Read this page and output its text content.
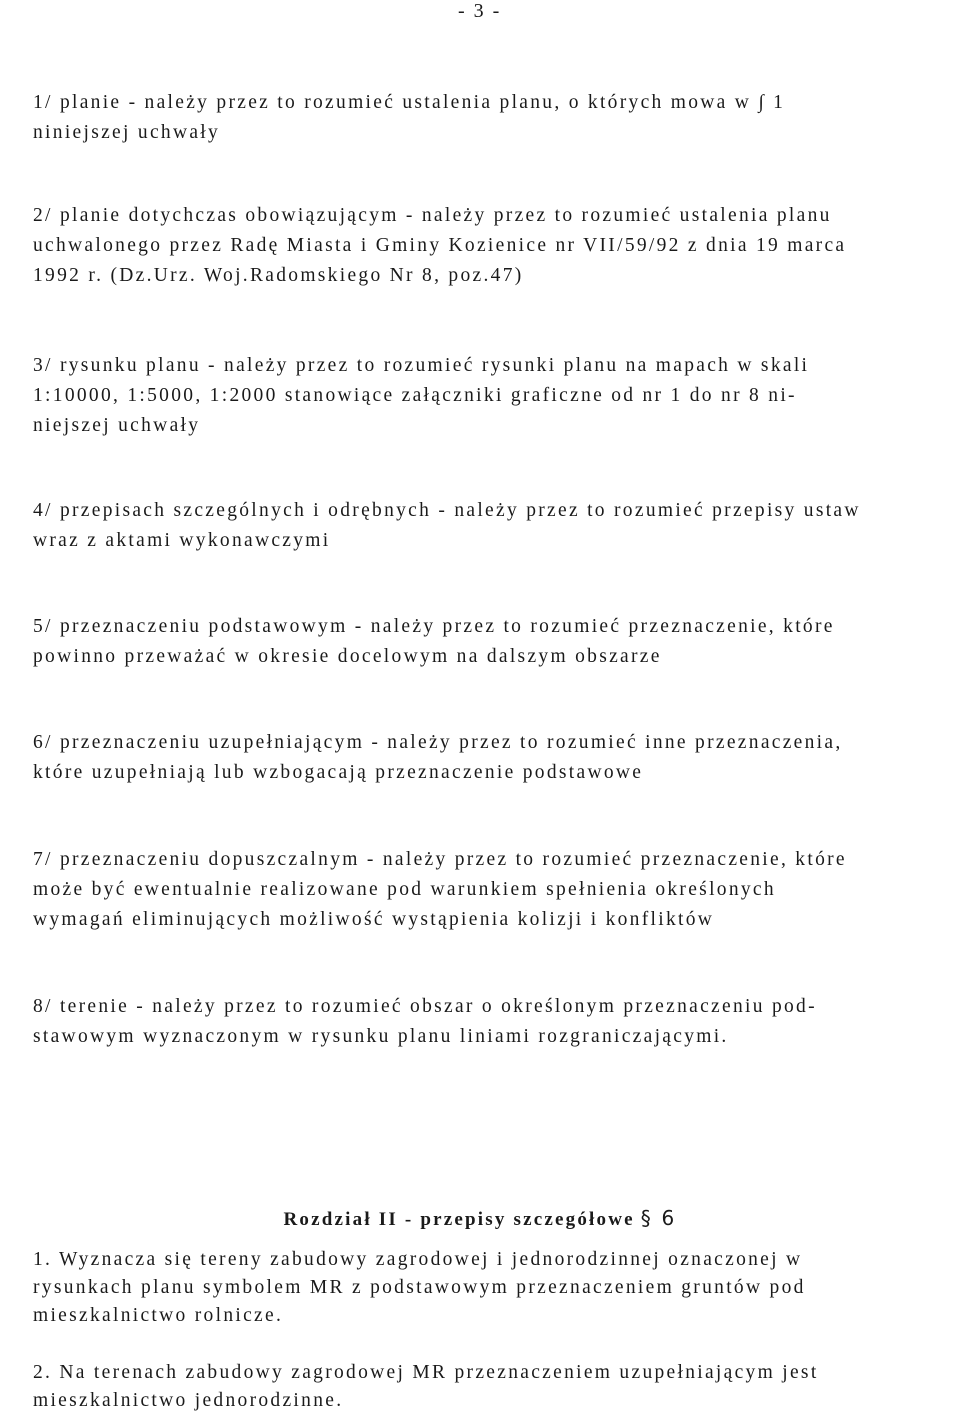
- 3 -

1/ planie - należy przez to rozumieć ustalenia planu, o których mowa w ∫ 1

niniejszej uchwały

2/ planie dotychczas obowiązującym - należy przez to rozumieć ustalenia planu

uchwalonego przez Radę Miasta i Gminy Kozienice nr VII/59/92 z dnia 19 marca

1992 r. (Dz.Urz. Woj.Radomskiego Nr 8, poz.47)

3/ rysunku planu - należy przez to rozumieć rysunki planu na mapach w skali

1:10000, 1:5000, 1:2000 stanowiące załączniki graficzne od nr 1 do nr 8 ni-

niejszej uchwały

4/ przepisach szczególnych i odrębnych - należy przez to rozumieć przepisy ustaw

wraz z aktami wykonawczymi

5/ przeznaczeniu podstawowym - należy przez to rozumieć przeznaczenie, które

powinno przeważać w okresie docelowym na dalszym obszarze

6/ przeznaczeniu uzupełniającym - należy przez to rozumieć inne przeznaczenia,

które uzupełniają lub wzbogacają przeznaczenie podstawowe

7/ przeznaczeniu dopuszczalnym - należy przez to rozumieć przeznaczenie, które

może być ewentualnie realizowane pod warunkiem spełnienia określonych

wymagań eliminujących możliwość wystąpienia kolizji i konfliktów

8/ terenie - należy przez to rozumieć obszar o określonym przeznaczeniu pod-

stawowym wyznaczonym w rysunku planu liniami rozgraniczającymi.

Rozdział II - przepisy szczegółowe § 6

1. Wyznacza się tereny zabudowy zagrodowej i jednorodzinnej oznaczonej w

rysunkach planu symbolem MR z podstawowym przeznaczeniem gruntów pod

mieszkalnictwo rolnicze.

2. Na terenach zabudowy zagrodowej MR przeznaczeniem uzupełniającym jest

mieszkalnictwo jednorodzinne.
